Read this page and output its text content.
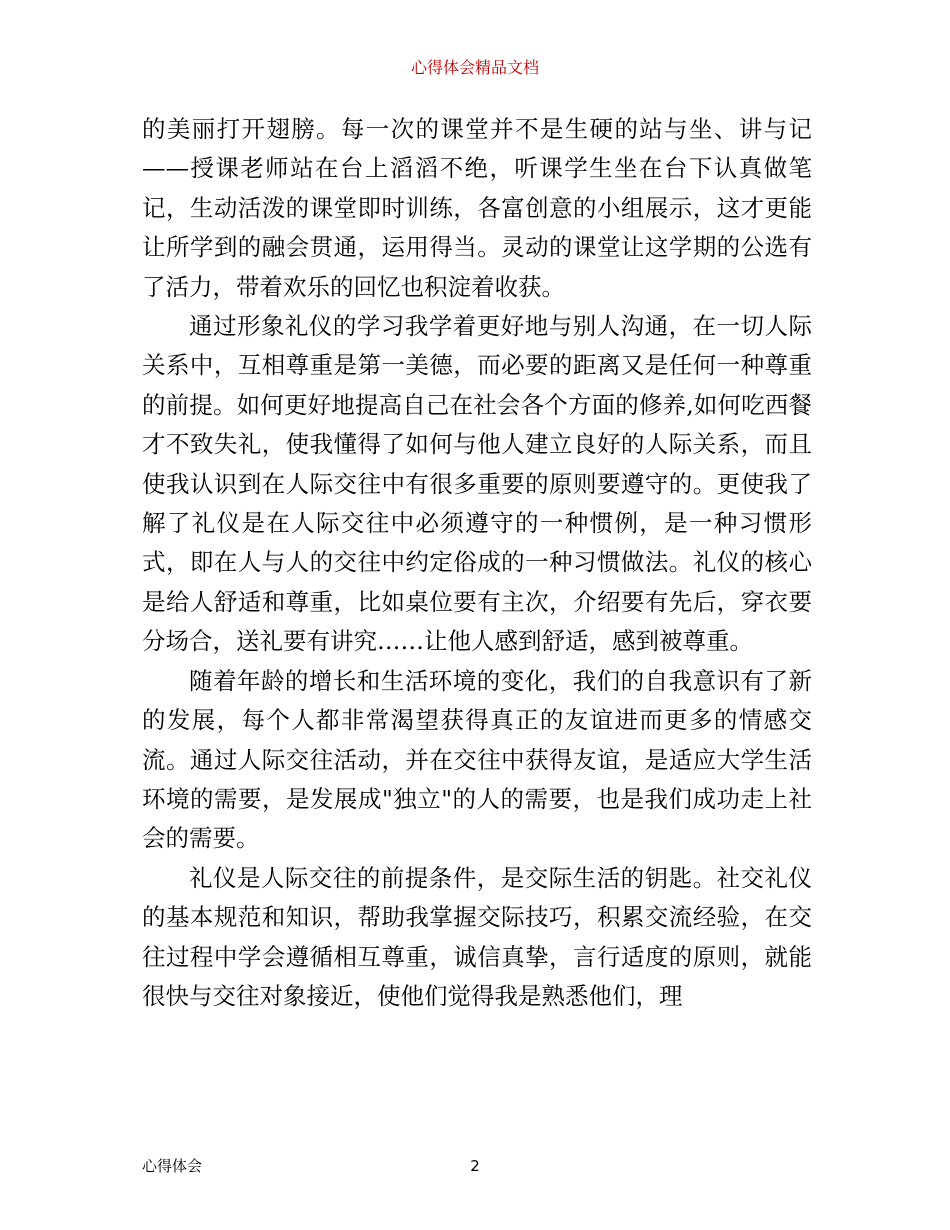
心得体会精品文档

的美丽打开翅膀。每一次的课堂并不是生硬的站与坐、讲与记——授课老师站在台上滔滔不绝，听课学生坐在台下认真做笔记，生动活泼的课堂即时训练，各富创意的小组展示，这才更能让所学到的融会贯通，运用得当。灵动的课堂让这学期的公选有了活力，带着欢乐的回忆也积淀着收获。

通过形象礼仪的学习我学着更好地与别人沟通，在一切人际关系中，互相尊重是第一美德，而必要的距离又是任何一种尊重的前提。如何更好地提高自己在社会各个方面的修养,如何吃西餐才不致失礼，使我懂得了如何与他人建立良好的人际关系，而且使我认识到在人际交往中有很多重要的原则要遵守的。更使我了解了礼仪是在人际交往中必须遵守的一种惯例，是一种习惯形式，即在人与人的交往中约定俗成的一种习惯做法。礼仪的核心是给人舒适和尊重，比如桌位要有主次，介绍要有先后，穿衣要分场合，送礼要有讲究……让他人感到舒适，感到被尊重。

随着年龄的增长和生活环境的变化，我们的自我意识有了新的发展，每个人都非常渴望获得真正的友谊进而更多的情感交流。通过人际交往活动，并在交往中获得友谊，是适应大学生活环境的需要，是发展成"独立"的人的需要，也是我们成功走上社会的需要。

礼仪是人际交往的前提条件，是交际生活的钥匙。社交礼仪的基本规范和知识，帮助我掌握交际技巧，积累交流经验，在交往过程中学会遵循相互尊重，诚信真挚，言行适度的原则，就能很快与交往对象接近，使他们觉得我是熟悉他们，理

心得体会	2
